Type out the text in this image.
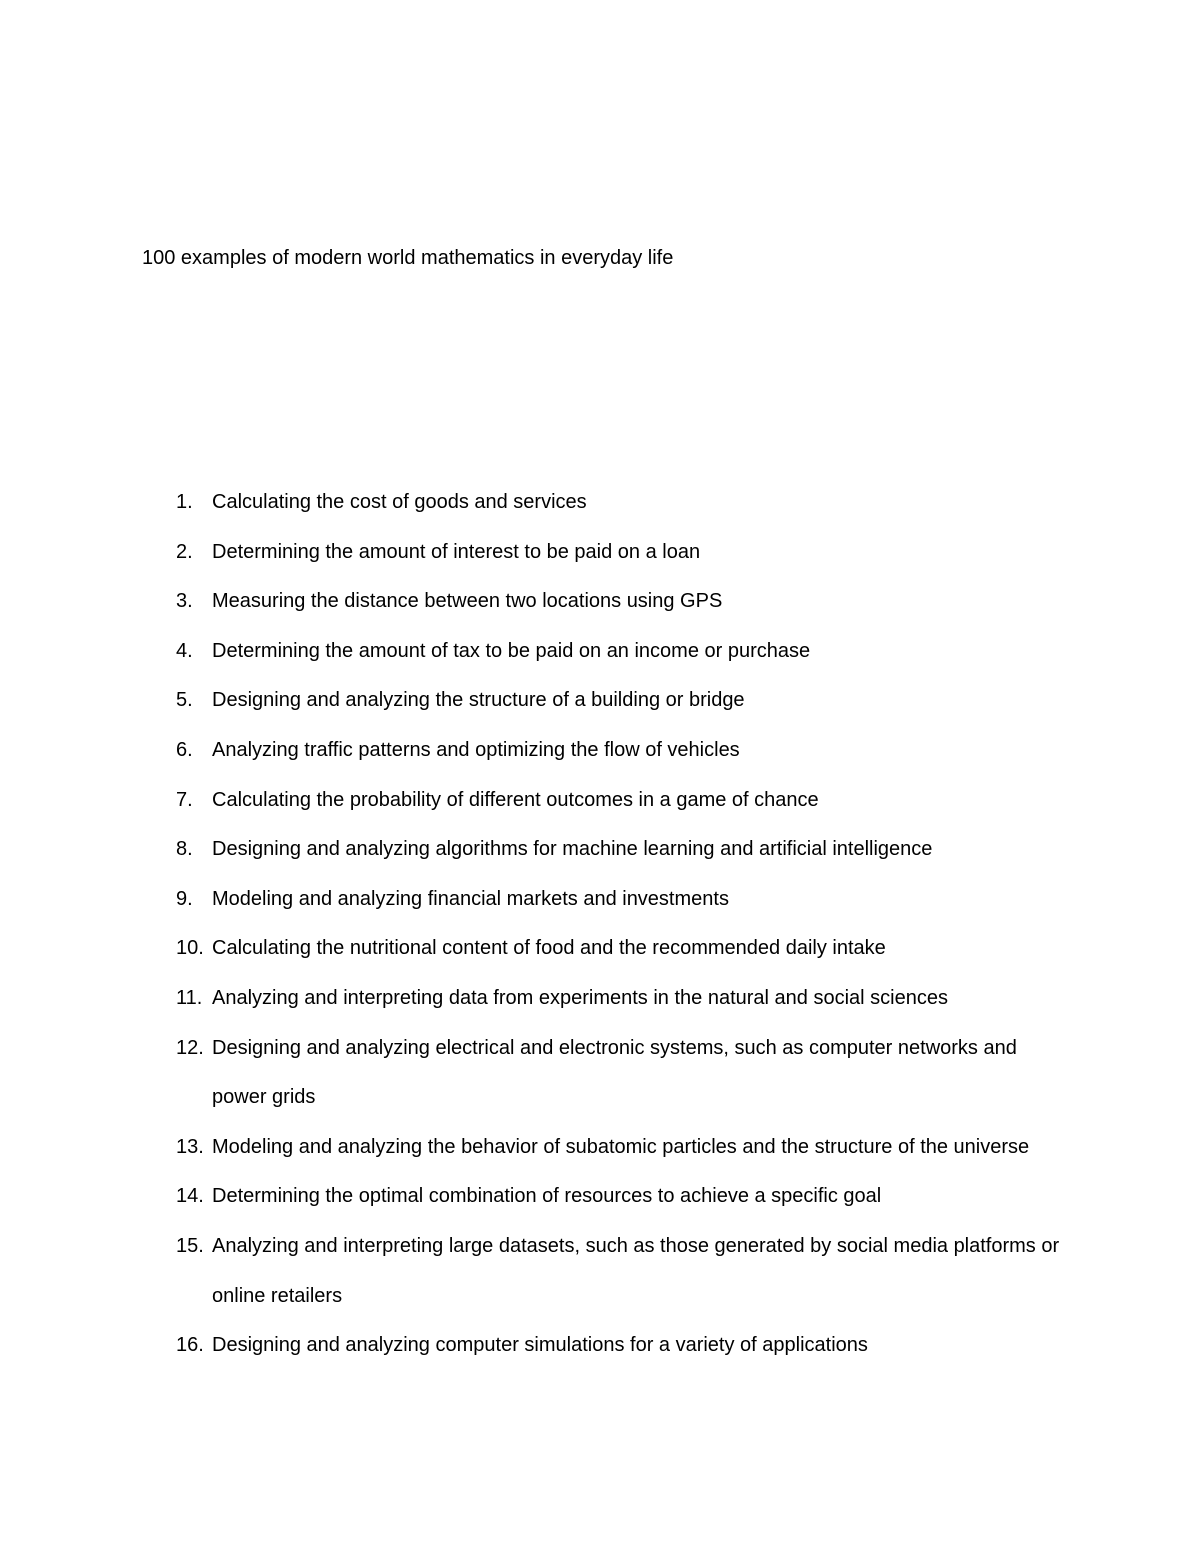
100 examples of modern world mathematics in everyday life
1. Calculating the cost of goods and services
2. Determining the amount of interest to be paid on a loan
3. Measuring the distance between two locations using GPS
4. Determining the amount of tax to be paid on an income or purchase
5. Designing and analyzing the structure of a building or bridge
6. Analyzing traffic patterns and optimizing the flow of vehicles
7. Calculating the probability of different outcomes in a game of chance
8. Designing and analyzing algorithms for machine learning and artificial intelligence
9. Modeling and analyzing financial markets and investments
10. Calculating the nutritional content of food and the recommended daily intake
11. Analyzing and interpreting data from experiments in the natural and social sciences
12. Designing and analyzing electrical and electronic systems, such as computer networks and power grids
13. Modeling and analyzing the behavior of subatomic particles and the structure of the universe
14. Determining the optimal combination of resources to achieve a specific goal
15. Analyzing and interpreting large datasets, such as those generated by social media platforms or online retailers
16. Designing and analyzing computer simulations for a variety of applications
